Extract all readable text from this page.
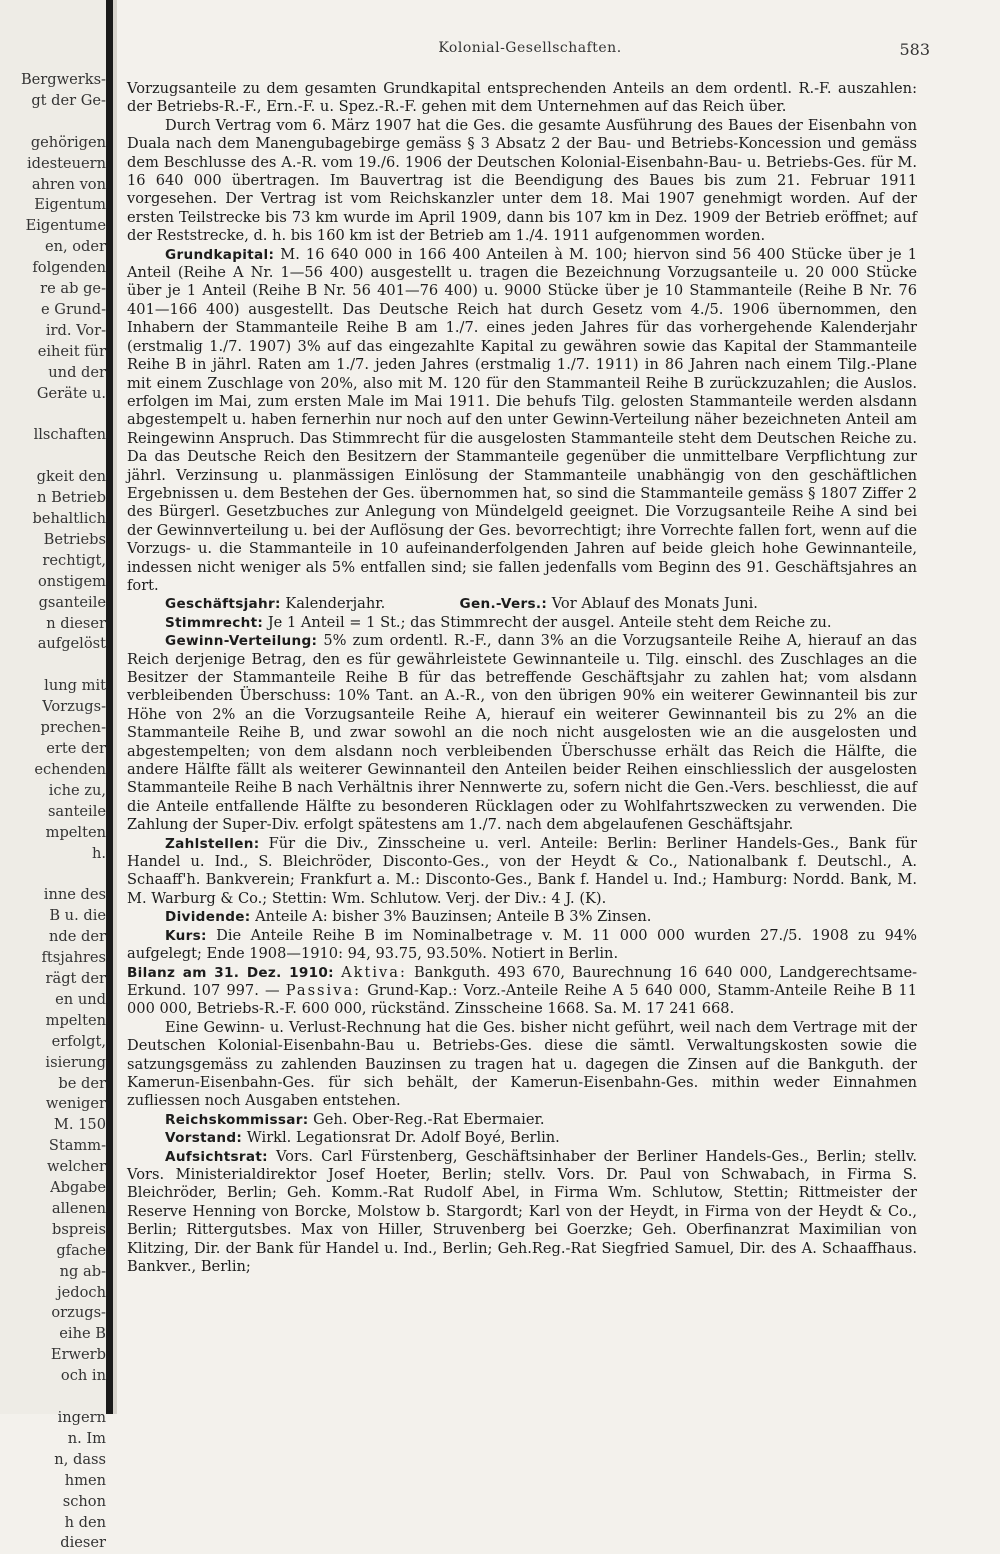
Bergwerks-
gt der Ge-

gehörigen
idesteuern
ahren von
Eigentum
Eigentume
en, oder
folgenden
re ab ge-
e Grund-
ird. Vor-
eiheit für
und der
Geräte u.

llschaften

gkeit den
n Betrieb
behaltlich
Betriebs
rechtigt,
onstigem
gsanteile
n dieser
aufgelöst

lung mit
Vorzugs-
prechen-
erte der
echenden
iche zu,
santeile
mpelten
h.

inne des
B u. die
nde der
ftsjahres
rägt der
en und
mpelten
erfolgt,
isierung
be der
weniger
M. 150
Stamm-
welcher
Abgabe
allenen
bspreis
gfache
ng ab-
jedoch
orzugs-
eihe B
Erwerb
och in

ingern
n. Im
n, dass
hmen
schon
h den
dieser
Kolonial-Gesellschaften.	583

Vorzugsanteile zu dem gesamten Grundkapital entsprechenden Anteils an dem ordentl. R.-F. auszahlen: der Betriebs-R.-F., Ern.-F. u. Spez.-R.-F. gehen mit dem Unternehmen auf das Reich über.

Durch Vertrag vom 6. März 1907 hat die Ges. die gesamte Ausführung des Baues der Eisenbahn von Duala nach dem Manengubagebirge gemäss § 3 Absatz 2 der Bau- und Betriebs-Koncession und gemäss dem Beschlusse des A.-R. vom 19./6. 1906 der Deutschen Kolonial-Eisenbahn-Bau- u. Betriebs-Ges. für M. 16 640 000 übertragen. Im Bauvertrag ist die Beendigung des Baues bis zum 21. Februar 1911 vorgesehen. Der Vertrag ist vom Reichskanzler unter dem 18. Mai 1907 genehmigt worden. Auf der ersten Teilstrecke bis 73 km wurde im April 1909, dann bis 107 km in Dez. 1909 der Betrieb eröffnet; auf der Reststrecke, d. h. bis 160 km ist der Betrieb am 1./4. 1911 aufgenommen worden.

Grundkapital: M. 16 640 000 in 166 400 Anteilen à M. 100; hiervon sind 56 400 Stücke über je 1 Anteil (Reihe A Nr. 1—56 400) ausgestellt u. tragen die Bezeichnung Vorzugsanteile u. 20 000 Stücke über je 1 Anteil (Reihe B Nr. 56 401—76 400) u. 9000 Stücke über je 10 Stammanteile (Reihe B Nr. 76 401—166 400) ausgestellt. Das Deutsche Reich hat durch Gesetz vom 4./5. 1906 übernommen, den Inhabern der Stammanteile Reihe B am 1./7. eines jeden Jahres für das vorhergehende Kalenderjahr (erstmalig 1./7. 1907) 3% auf das eingezahlte Kapital zu gewähren sowie das Kapital der Stammanteile Reihe B in jährl. Raten am 1./7. jeden Jahres (erstmalig 1./7. 1911) in 86 Jahren nach einem Tilg.-Plane mit einem Zuschlage von 20%, also mit M. 120 für den Stammanteil Reihe B zurückzuzahlen; die Auslos. erfolgen im Mai, zum ersten Male im Mai 1911. Die behufs Tilg. gelosten Stammanteile werden alsdann abgestempelt u. haben fernerhin nur noch auf den unter Gewinn-Verteilung näher bezeichneten Anteil am Reingewinn Anspruch. Das Stimmrecht für die ausgelosten Stammanteile steht dem Deutschen Reiche zu. Da das Deutsche Reich den Besitzern der Stammanteile gegenüber die unmittelbare Verpflichtung zur jährl. Verzinsung u. planmässigen Einlösung der Stammanteile unabhängig von den geschäftlichen Ergebnissen u. dem Bestehen der Ges. übernommen hat, so sind die Stammanteile gemäss § 1807 Ziffer 2 des Bürgerl. Gesetzbuches zur Anlegung von Mündelgeld geeignet. Die Vorzugsanteile Reihe A sind bei der Gewinnverteilung u. bei der Auflösung der Ges. bevorrechtigt; ihre Vorrechte fallen fort, wenn auf die Vorzugs- u. die Stammanteile in 10 aufeinanderfolgenden Jahren auf beide gleich hohe Gewinnanteile, indessen nicht weniger als 5% entfallen sind; sie fallen jedenfalls vom Beginn des 91. Geschäftsjahres an fort.

Geschäftsjahr: Kalenderjahr.	Gen.-Vers.: Vor Ablauf des Monats Juni.

Stimmrecht: Je 1 Anteil = 1 St.; das Stimmrecht der ausgel. Anteile steht dem Reiche zu.

Gewinn-Verteilung: 5% zum ordentl. R.-F., dann 3% an die Vorzugsanteile Reihe A, hierauf an das Reich derjenige Betrag, den es für gewährleistete Gewinnanteile u. Tilg. einschl. des Zuschlages an die Besitzer der Stammanteile Reihe B für das betreffende Geschäftsjahr zu zahlen hat; vom alsdann verbleibenden Überschuss: 10% Tant. an A.-R., von den übrigen 90% ein weiterer Gewinnanteil bis zur Höhe von 2% an die Vorzugsanteile Reihe A, hierauf ein weiterer Gewinnanteil bis zu 2% an die Stammanteile Reihe B, und zwar sowohl an die noch nicht ausgelosten wie an die ausgelosten und abgestempelten; von dem alsdann noch verbleibenden Überschusse erhält das Reich die Hälfte, die andere Hälfte fällt als weiterer Gewinnanteil den Anteilen beider Reihen einschliesslich der ausgelosten Stammanteile Reihe B nach Verhältnis ihrer Nennwerte zu, sofern nicht die Gen.-Vers. beschliesst, die auf die Anteile entfallende Hälfte zu besonderen Rücklagen oder zu Wohlfahrtszwecken zu verwenden. Die Zahlung der Super-Div. erfolgt spätestens am 1./7. nach dem abgelaufenen Geschäftsjahr.

Zahlstellen: Für die Div., Zinsscheine u. verl. Anteile: Berlin: Berliner Handels-Ges., Bank für Handel u. Ind., S. Bleichröder, Disconto-Ges., von der Heydt & Co., Nationalbank f. Deutschl., A. Schaaff'h. Bankverein; Frankfurt a. M.: Disconto-Ges., Bank f. Handel u. Ind.; Hamburg: Nordd. Bank, M. M. Warburg & Co.; Stettin: Wm. Schlutow. Verj. der Div.: 4 J. (K).

Dividende: Anteile A: bisher 3% Bauzinsen; Anteile B 3% Zinsen.

Kurs: Die Anteile Reihe B im Nominalbetrage v. M. 11 000 000 wurden 27./5. 1908 zu 94% aufgelegt; Ende 1908—1910: 94, 93.75, 93.50%. Notiert in Berlin.

Bilanz am 31. Dez. 1910: Aktiva: Bankguth. 493 670, Baurechnung 16 640 000, Landgerechtsame-Erkund. 107 997. — Passiva: Grund-Kap.: Vorz.-Anteile Reihe A 5 640 000, Stamm-Anteile Reihe B 11 000 000, Betriebs-R.-F. 600 000, rückständ. Zinsscheine 1668. Sa. M. 17 241 668.

Eine Gewinn- u. Verlust-Rechnung hat die Ges. bisher nicht geführt, weil nach dem Vertrage mit der Deutschen Kolonial-Eisenbahn-Bau u. Betriebs-Ges. diese die sämtl. Verwaltungskosten sowie die satzungsgemäss zu zahlenden Bauzinsen zu tragen hat u. dagegen die Zinsen auf die Bankguth. der Kamerun-Eisenbahn-Ges. für sich behält, der Kamerun-Eisenbahn-Ges. mithin weder Einnahmen zufliessen noch Ausgaben entstehen.

Reichskommissar: Geh. Ober-Reg.-Rat Ebermaier.

Vorstand: Wirkl. Legationsrat Dr. Adolf Boyé, Berlin.

Aufsichtsrat: Vors. Carl Fürstenberg, Geschäftsinhaber der Berliner Handels-Ges., Berlin; stellv. Vors. Ministerialdirektor Josef Hoeter, Berlin; stellv. Vors. Dr. Paul von Schwabach, in Firma S. Bleichröder, Berlin; Geh. Komm.-Rat Rudolf Abel, in Firma Wm. Schlutow, Stettin; Rittmeister der Reserve Henning von Borcke, Molstow b. Stargordt; Karl von der Heydt, in Firma von der Heydt & Co., Berlin; Rittergutsbes. Max von Hiller, Struvenberg bei Goerzke; Geh. Oberfinanzrat Maximilian von Klitzing, Dir. der Bank für Handel u. Ind., Berlin; Geh.Reg.-Rat Siegfried Samuel, Dir. des A. Schaaffhaus. Bankver., Berlin;
